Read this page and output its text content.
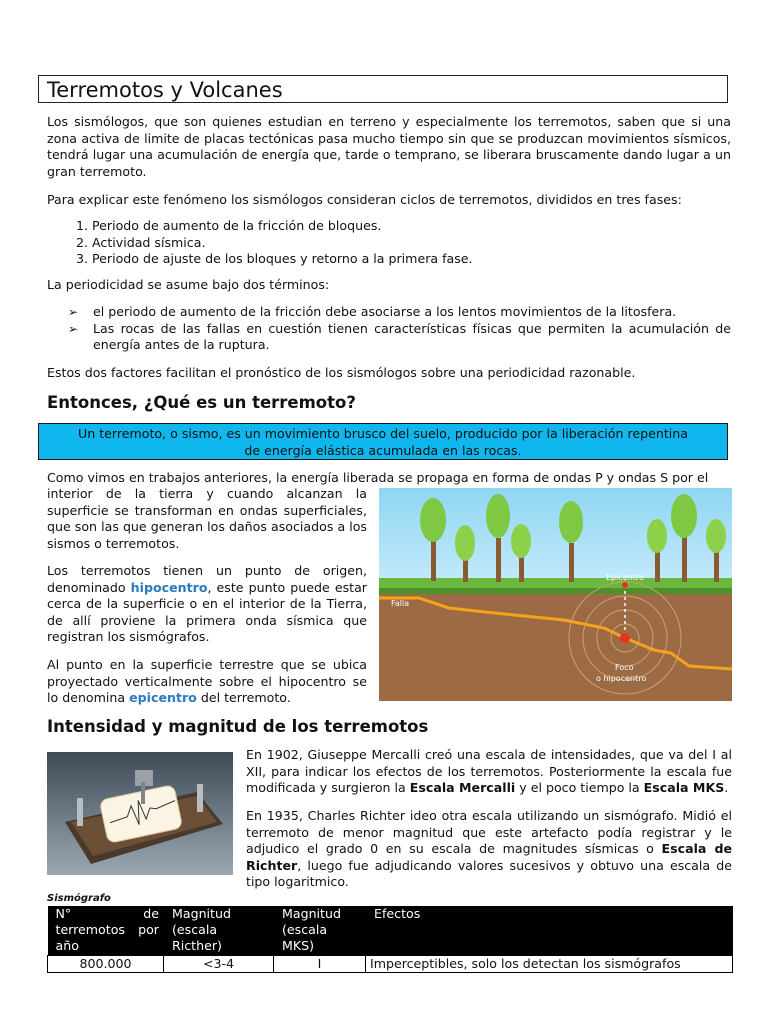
Terremotos y Volcanes

Los sismólogos, que son quienes estudian en terreno y especialmente los terremotos, saben que si una zona activa de limite de placas tectónicas pasa mucho tiempo sin que se produzcan movimientos sísmicos, tendrá lugar una acumulación de energía que, tarde o temprano, se liberara bruscamente dando lugar a un gran terremoto.

Para explicar este fenómeno los sismólogos consideran ciclos de terremotos, divididos en tres fases:

1. Periodo de aumento de la fricción de bloques.
2. Actividad sísmica.
3. Periodo de ajuste de los bloques y retorno a la primera fase.

La periodicidad se asume bajo dos términos:

➢ el periodo de aumento de la fricción debe asociarse a los lentos movimientos de la litosfera.
➢ Las rocas de las fallas en cuestión tienen características físicas que permiten la acumulación de energía antes de la ruptura.

Estos dos factores facilitan el pronóstico de los sismólogos sobre una periodicidad razonable.

Entonces, ¿Qué es un terremoto?
Un terremoto, o sismo, es un movimiento brusco del suelo, producido por la liberación repentina de energía elástica acumulada en las rocas.

Como vimos en trabajos anteriores, la energía liberada se propaga en forma de ondas P y ondas S por el

interior de la tierra y cuando alcanzan la superficie se transforman en ondas superficiales, que son las que generan los daños asociados a los sismos o terremotos.

Los terremotos tienen un punto de origen, denominado hipocentro, este punto puede estar cerca de la superficie o en el interior de la Tierra, de allí proviene la primera onda sísmica que registran los sismógrafos.

Al punto en la superficie terrestre que se ubica proyectado verticalmente sobre el hipocentro se lo denomina epicentro del terremoto.

Epicentro
Falla
Foco
o hipocentro
Intensidad y magnitud de los terremotos

En 1902, Giuseppe Mercalli creó una escala de intensidades, que va del I al XII, para indicar los efectos de los terremotos. Posteriormente la escala fue modificada y surgieron la Escala Mercalli y el poco tiempo la Escala MKS.

En 1935, Charles Richter ideo otra escala utilizando un sismógrafo. Midió el terremoto de menor magnitud que este artefacto podía registrar y le adjudico el grado 0 en su escala de magnitudes sísmicas o Escala de Richter, luego fue adjudicando valores sucesivos y obtuvo una escala de tipo logaritmico.

Sismógrafo
N° de terremotos por año	Magnitud (escala Ricther)	Magnitud (escala MKS)	Efectos
800.000	<3-4	I	Imperceptibles, solo los detectan los sismógrafos
